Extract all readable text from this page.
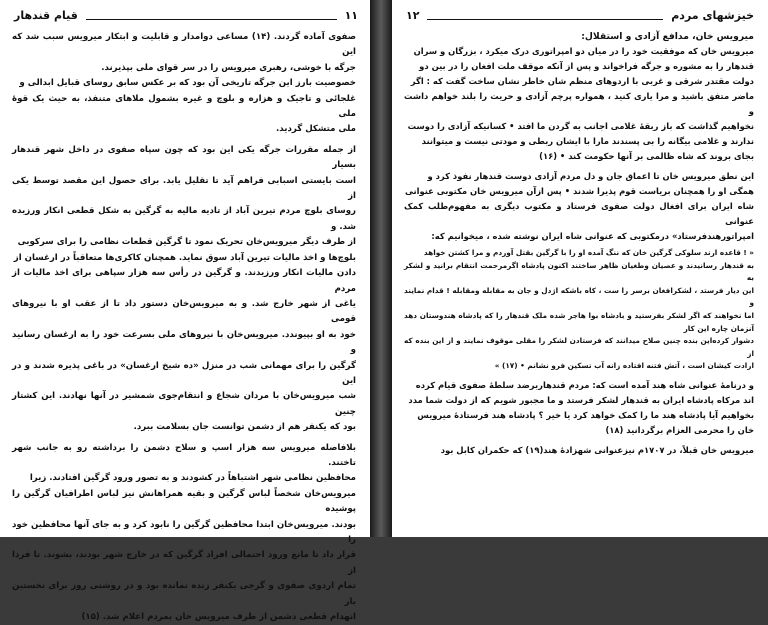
قیام قندهار	۱۱

صفوی آماده گردند. (۱۴) مساعی دوامدار و قابلیت و ابتکار میرویس سبب شد که این

جرگه با خوشی، رهبری میرویس را در سر قوای ملی بپذیرند.

خصوصیت بارز این جرگه تاریخی آن بود که بر عکس سابق روسای قبایل ابدالی و

غلجائی و تاجیک و هزاره و بلوچ و غیره بشمول ملاهای متنفذ، به حیث یک قوهٔ ملی

ملی متشکل گردید.

از جمله مقررات جرگه یکی این بود که چون سپاه صفوی در داخل شهر قندهار بسیار

است بایستی اسبابی فراهم آید تا تقلیل یابد. برای حصول این مقصد توسط یکی از

روسای بلوچ مردم تیرین آباد از تادیه مالیه به گرگین به شکل قطعی انکار ورزیده شد. و

از طرف دیگر میرویس‌خان تحریک نمود تا گرگین قطعات نظامی را برای سرکوبی

بلوچ‌ها و اخذ مالیات تیرین آباد سوق نماید. همچنان کاکری‌ها متعاقباً در ارغسان از

دادن مالیات انکار ورزیدند. و گرگین در رأس سه هزار سپاهی برای اخذ مالیات از مردم

یاغی از شهر خارج شد. و به میرویس‌خان دستور داد تا از عقب او با نیروهای قومی

خود به او بپیوندد. میرویس‌خان با نیروهای ملی بسرعت خود را به ارغسان رسانید و

گرگین را برای مهمانی شب در منزل «ده شیخ ارغسان» در باغی پذیره شدند و در این

شب میرویس‌خان با مردان شجاع و انتقام‌جوی شمشیر در آنها نهادند. این کشتار چنین

بود که یکنفر هم از دشمن توانست جان بسلامت ببرد.

بلافاصله میرویس سه هزار اسپ و سلاح دشمن را برداشته رو به جانب شهر تاختند.

محافظین نظامی شهر اشتباهاً در کشودند و به تصور ورود گرگین افتادند. زیرا

میرویس‌خان شخصاً لباس گرگین و بقیه همراهانش نیز لباس اطرافیان گرگین را پوشیده

بودند. میرویس‌خان ابتدا محافظین گرگین را نابود کرد و به جای آنها محافظین خود را

قرار داد تا مانع ورود احتمالی افراد گرگین که در خارج شهر بودند، بشوند. تا فردا از

تمام اردوی صفوی و گرجی یکنفر زنده نمانده بود و در روشنی روز برای نخستین بار

انهدام قطعی دشمن از طرف میرویس خان بمردم اعلام شد. (۱۵)

۱۲	خیزشهای مردم

میرویس خان، مدافع آزادی و استقلال:

میرویس خان که موفقیت خود را در میان دو امپراتوری درک میکرد ، بزرگان و سران

قندهار را به مشوره و جرگه فراخواند و پس از آنکه موقف ملت افغان را در بین دو

دولت مقتدر شرقی و غربی با اردوهای منظم شان خاطر نشان ساخت گفت که : اگر

ماضر متفق باشید و مرا یاری کنید ، همواره پرچم آزادی و حریت را بلند خواهم داشت و

نخواهیم گذاشت که باز ربقهٔ غلامی اجانب به گردن ما افتد • کسانیکه آزادی را دوست

ندارند و غلامی بیگانه را بی پسندند مارا با ایشان ربطی و مودتی نیست و میتوانند

بجای بروند که شاه ظالمی بر آنها حکومت کند • (۱۶)

این نطق میرویس خان تا اعماق جان و دل مردم آزادی دوست قندهار نفوذ کرد و

همگی او را همچنان بریاست قوم پذیرا شدند • پس ازآن میرویس خان مکتوبی عنوانی

شاه ایران برای افغال دولت صفوی فرستاد و مکتوب دیگری به مفهوم‌طلب کمک عنوانی

امپراتورهندفرستاد» درمکتوبی که عنوانی شاه ایران نوشته شده ، میخوانیم که:

« ! قاعده ارند سلوکی گرگین خان که ننگ آمده او را با گرگین بقتل آوردم و مرا کشتن خواهد

به قندهار رسانیدند و عصیان وطغیان ظاهر ساختند اکنون پادشاه اگرمرحمت انتقام برانید و لشکر به

این دیار فرستد ، لشکرافغان برسر را ست ، کاه باشکه اژدل و جان به مقابله ومقابله ! قدام نمایند و

اما نخواهند که اگر لشکر بفرستید و بادشاه بوا هاجر شده ملک قندهار را که پادشاه هندوستان دهد آنزمان چاره این کار

دشوار کرده‌این بنده چنین صلاح میدانند که فرستادن لشکر را مقلی موقوف نمایند و از این بنده که از

ارادت کیشان است ، آتش فتنه افتاده زانه آب تسکین فرو نشانم • (۱۷) »

و درنامهٔ عنوانی شاه هند آمده است که: مردم قندهاربرضد سلطهٔ صفوی قیام کرده

اند مرکاه پادشاه ایران به قندهار لشکر فرستد و ما مجبور شویم که از دولت شما مدد

بخواهیم آیا پادشاه هند ما را کمک خواهد کرد یا خیر ؟ پادشاه هند فرستادهٔ میرویس

خان را محرمی العزام برگردانید (۱۸)

میرویس خان قبلاً، در ۱۷۰۷م نیزعنوانی شهزادهٔ هند(۱۹) که حکمران کابل بود
